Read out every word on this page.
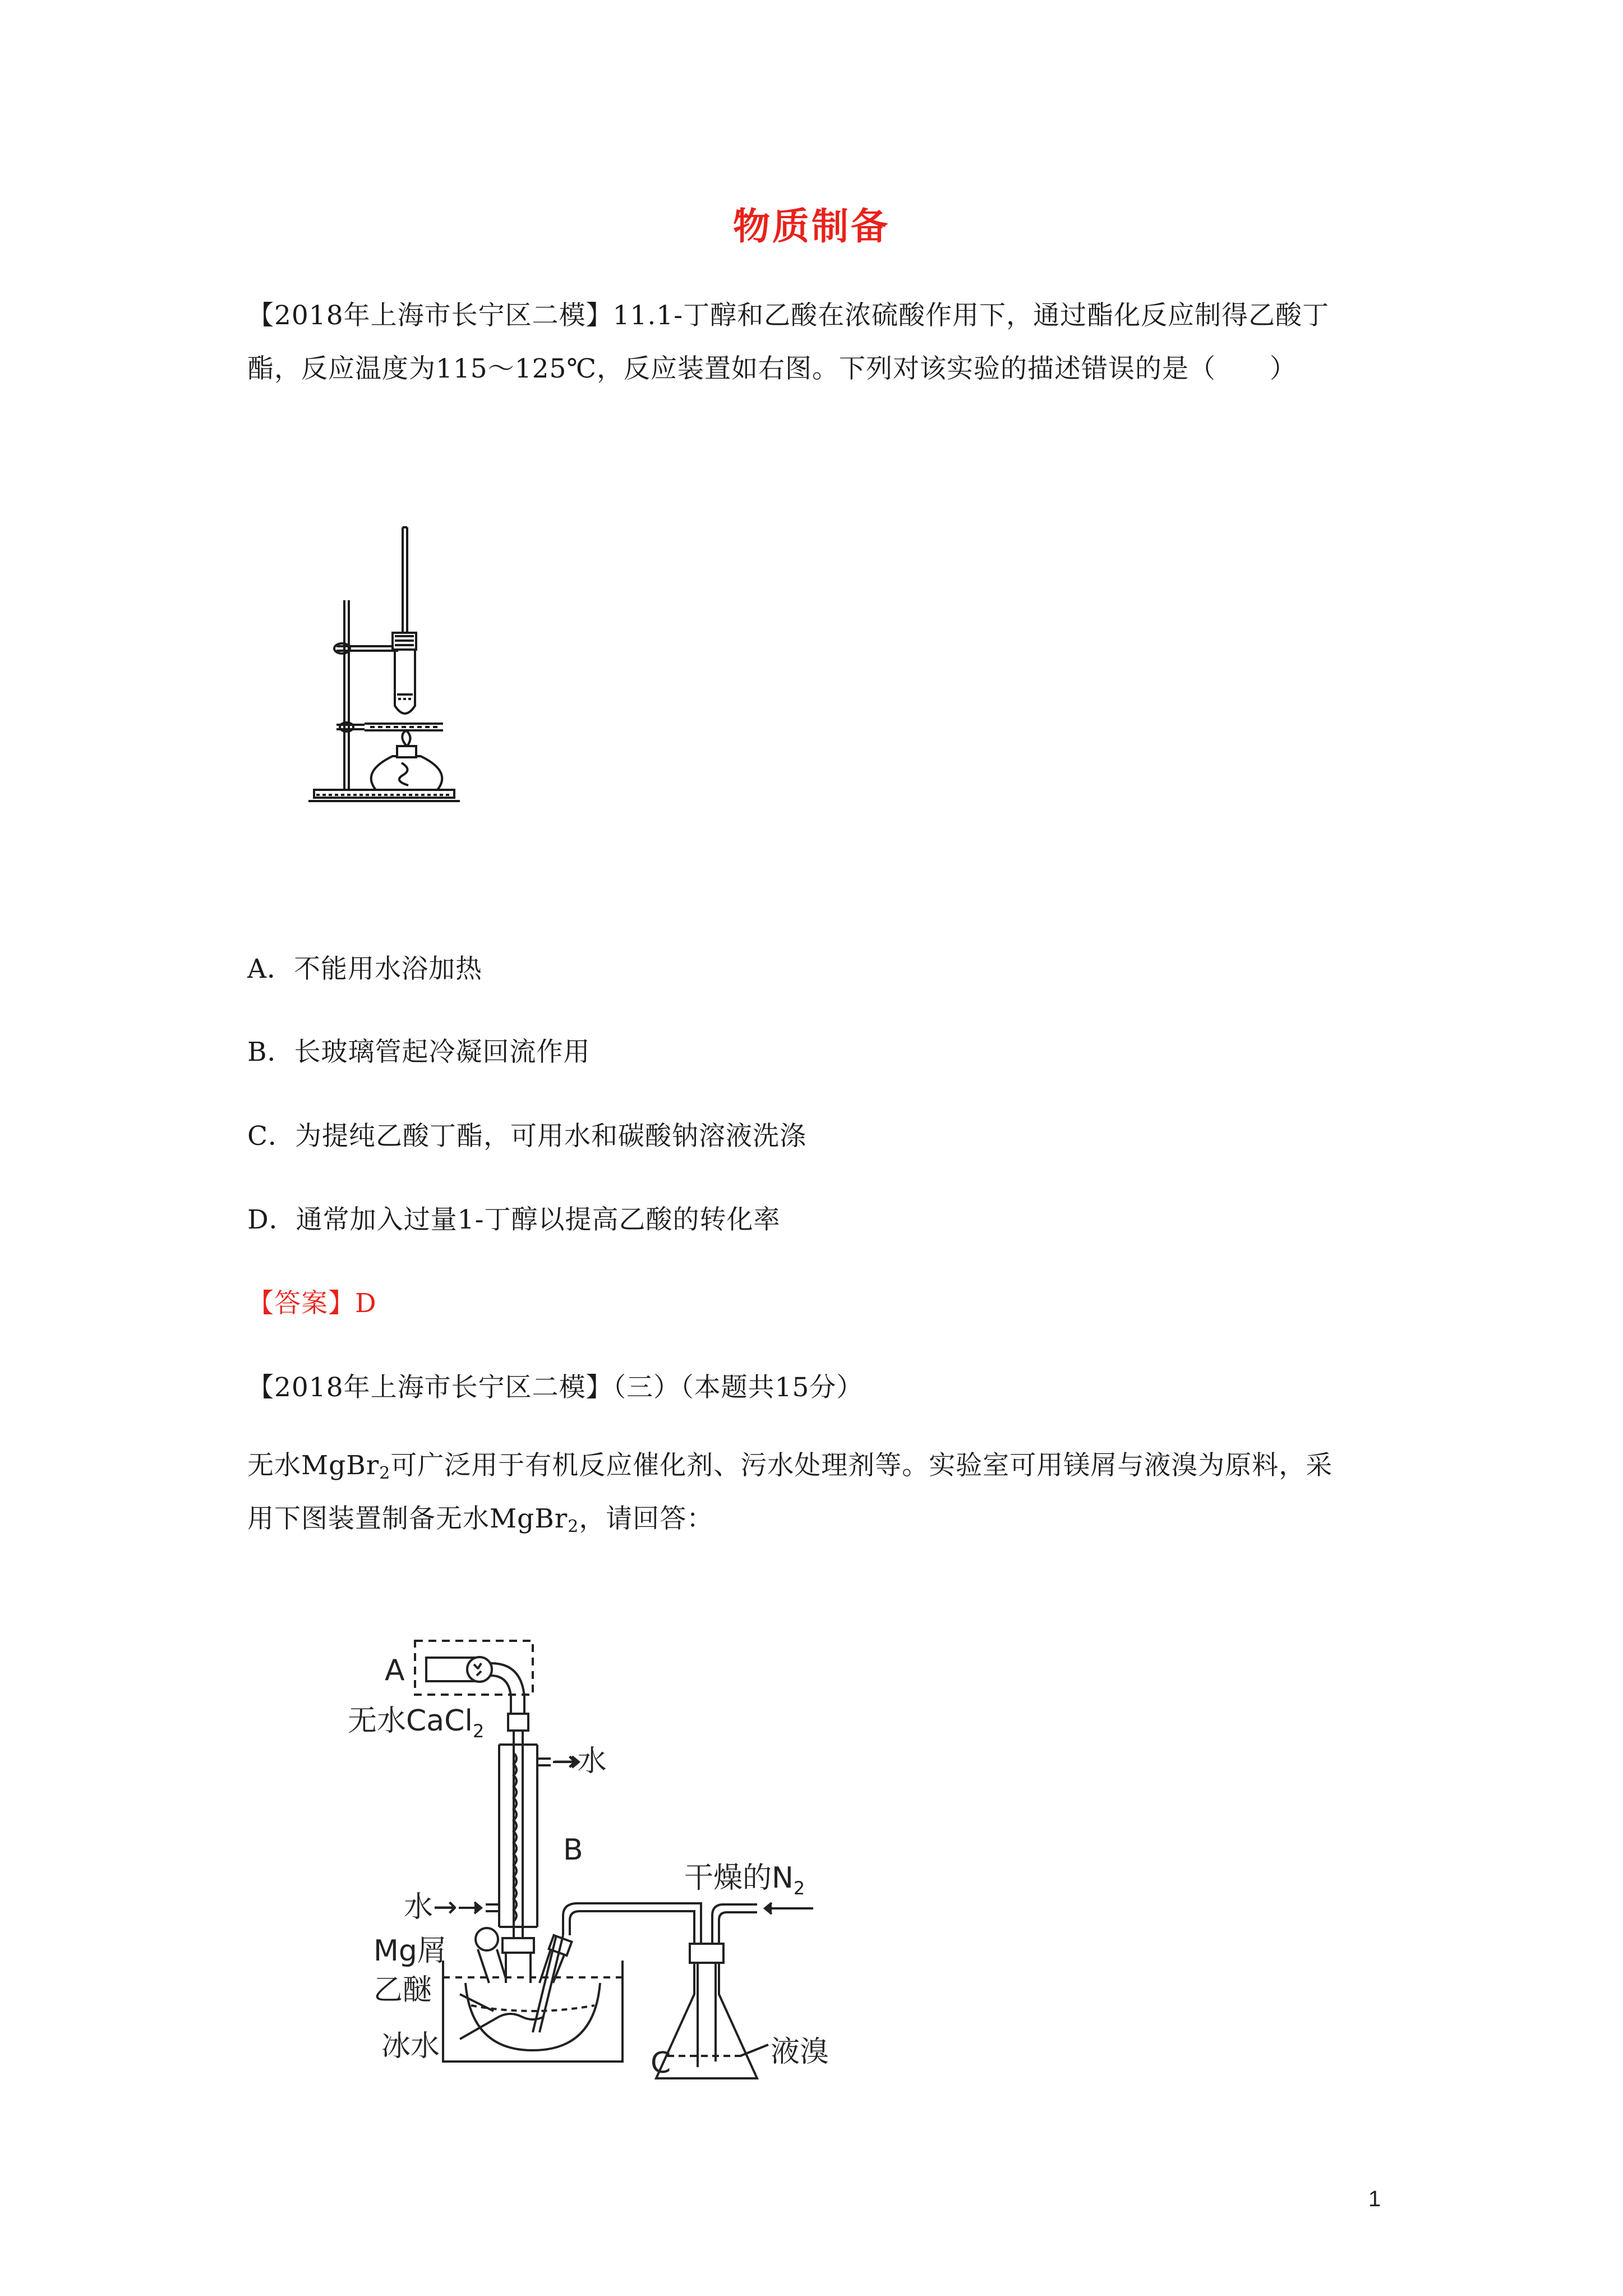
物质制备
【2018年上海市长宁区二模】11.1-丁醇和乙酸在浓硫酸作用下，通过酯化反应制得乙酸丁
酯，反应温度为115～125℃，反应装置如右图。下列对该实验的描述错误的是（　　）
A．不能用水浴加热
B．长玻璃管起冷凝回流作用
C．为提纯乙酸丁酯，可用水和碳酸钠溶液洗涤
D．通常加入过量1-丁醇以提高乙酸的转化率
【答案】D
【2018年上海市长宁区二模】（三）（本题共15分）
无水MgBr$_2$可广泛用于有机反应催化剂、污水处理剂等。实验室可用镁屑与液溴为原料，采
用下图装置制备无水MgBr$_2$，请回答：
A
无水CaCl$_2$
→水
B
水→
干燥的$N_2$
Mg屑
乙醚
冰水	液溴
C
1
